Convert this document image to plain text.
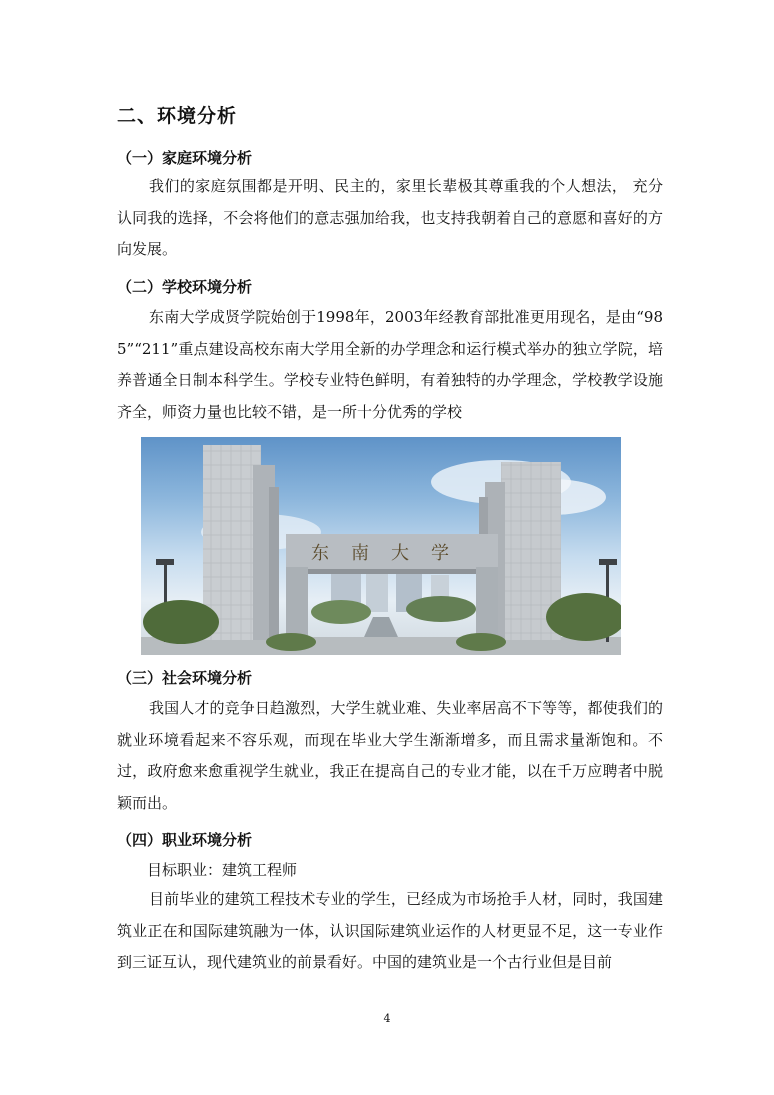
二、环境分析
（一）家庭环境分析

我们的家庭氛围都是开明、民主的，家里长辈极其尊重我的个人想法， 充分认同我的选择，不会将他们的意志强加给我，也支持我朝着自己的意愿和喜好的方向发展。

（二）学校环境分析

东南大学成贤学院始创于1998年，2003年经教育部批准更用现名，是由“985”“211”重点建设高校东南大学用全新的办学理念和运行模式举办的独立学院，培养普通全日制本科学生。学校专业特色鲜明，有着独特的办学理念，学校教学设施齐全，师资力量也比较不错，是一所十分优秀的学校

东南大学
（三）社会环境分析

我国人才的竞争日趋激烈，大学生就业难、失业率居高不下等等，都使我们的就业环境看起来不容乐观，而现在毕业大学生渐渐增多，而且需求量渐饱和。不过，政府愈来愈重视学生就业，我正在提高自己的专业才能，以在千万应聘者中脱颖而出。

（四）职业环境分析

目标职业：建筑工程师

目前毕业的建筑工程技术专业的学生，已经成为市场抢手人材，同时，我国建筑业正在和国际建筑融为一体，认识国际建筑业运作的人材更显不足，这一专业作到三证互认，现代建筑业的前景看好。中国的建筑业是一个古行业但是目前

4
